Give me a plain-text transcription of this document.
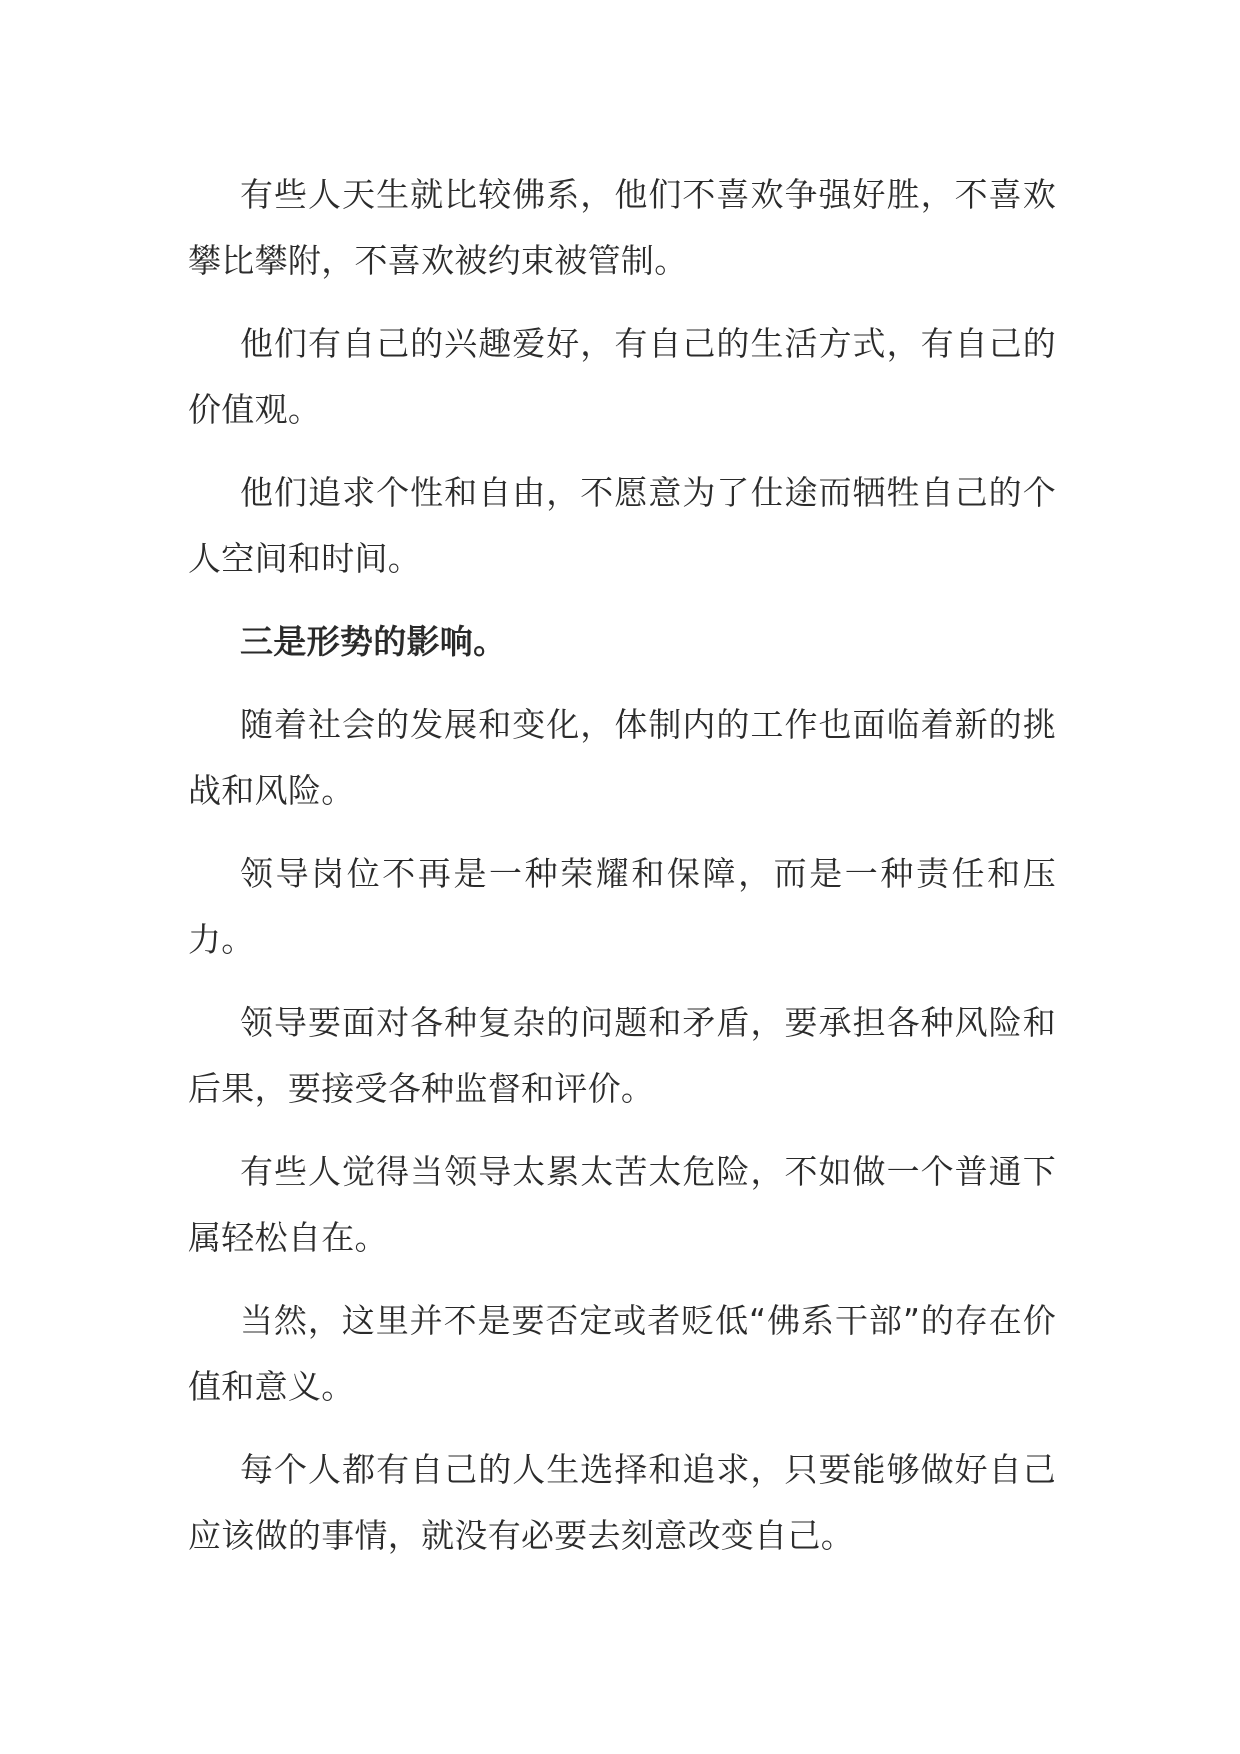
有些人天生就比较佛系，他们不喜欢争强好胜，不喜欢攀比攀附，不喜欢被约束被管制。

他们有自己的兴趣爱好，有自己的生活方式，有自己的价值观。

他们追求个性和自由，不愿意为了仕途而牺牲自己的个人空间和时间。

三是形势的影响。

随着社会的发展和变化，体制内的工作也面临着新的挑战和风险。

领导岗位不再是一种荣耀和保障，而是一种责任和压力。

领导要面对各种复杂的问题和矛盾，要承担各种风险和后果，要接受各种监督和评价。

有些人觉得当领导太累太苦太危险，不如做一个普通下属轻松自在。

当然，这里并不是要否定或者贬低“佛系干部”的存在价值和意义。

每个人都有自己的人生选择和追求，只要能够做好自己应该做的事情，就没有必要去刻意改变自己。
